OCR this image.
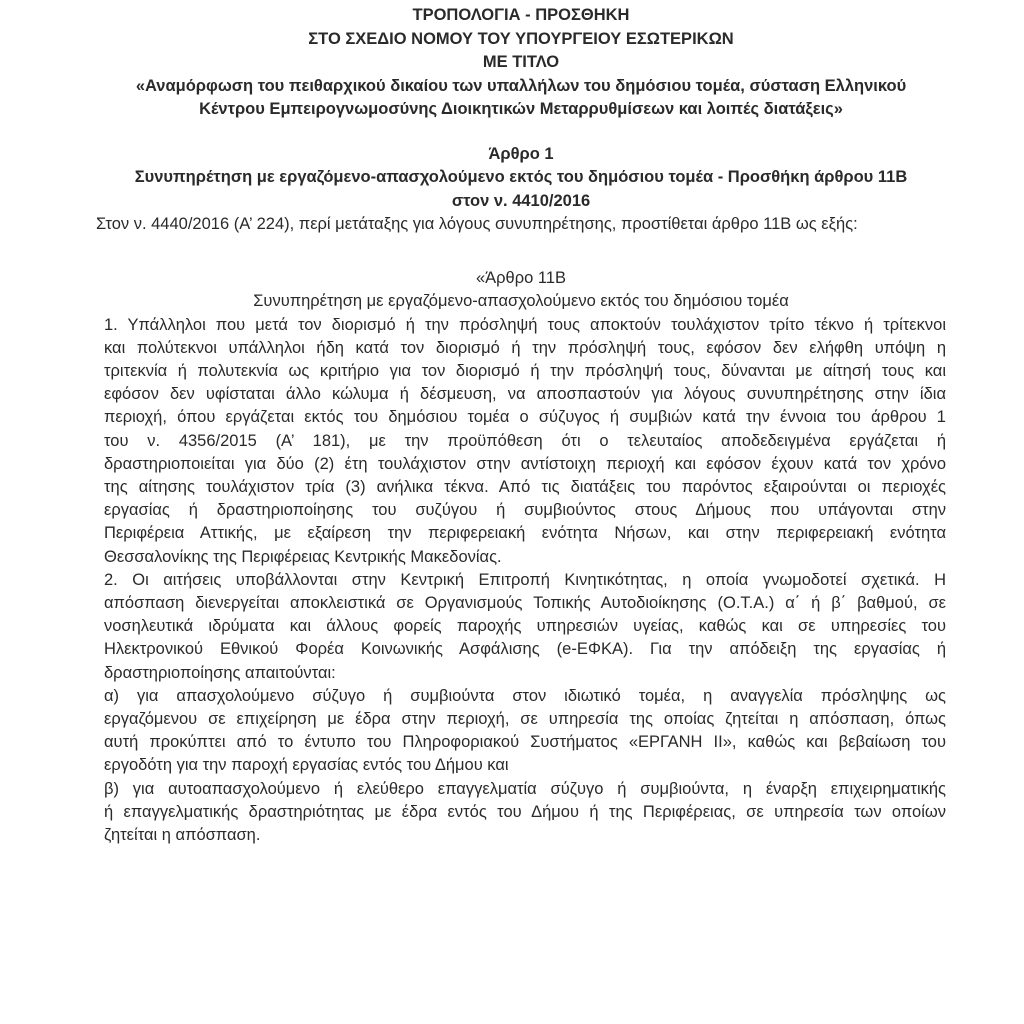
ΤΡΟΠΟΛΟΓΙΑ - ΠΡΟΣΘΗΚΗ

ΣΤΟ ΣΧΕΔΙΟ ΝΟΜΟΥ ΤΟΥ ΥΠΟΥΡΓΕΙΟΥ ΕΣΩΤΕΡΙΚΩΝ

ΜΕ ΤΙΤΛΟ

«Αναμόρφωση του πειθαρχικού δικαίου των υπαλλήλων του δημόσιου τομέα, σύσταση Ελληνικού

Κέντρου Εμπειρογνωμοσύνης Διοικητικών Μεταρρυθμίσεων και λοιπές διατάξεις»

Άρθρο 1

Συνυπηρέτηση με εργαζόμενο-απασχολούμενο εκτός του δημόσιου τομέα - Προσθήκη άρθρου 11Β

στον ν. 4410/2016

Στον ν. 4440/2016 (Α’ 224), περί μετάταξης για λόγους συνυπηρέτησης, προστίθεται άρθρο 11Β ως εξής:

«Άρθρο 11Β

Συνυπηρέτηση με εργαζόμενο-απασχολούμενο εκτός του δημόσιου τομέα

1. Υπάλληλοι που μετά τον διορισμό ή την πρόσληψή τους αποκτούν τουλάχιστον τρίτο τέκνο ή τρίτεκνοι
και πολύτεκνοι υπάλληλοι ήδη κατά τον διορισμό ή την πρόσληψή τους, εφόσον δεν ελήφθη υπόψη η
τριτεκνία ή πολυτεκνία ως κριτήριο για τον διορισμό ή την πρόσληψή τους, δύνανται με αίτησή τους και
εφόσον δεν υφίσταται άλλο κώλυμα ή δέσμευση, να αποσπαστούν για λόγους συνυπηρέτησης στην ίδια
περιοχή, όπου εργάζεται εκτός του δημόσιου τομέα ο σύζυγος ή συμβιών κατά την έννοια του άρθρου 1
του ν. 4356/2015 (Α’ 181), με την προϋπόθεση ότι ο τελευταίος αποδεδειγμένα εργάζεται ή
δραστηριοποιείται για δύο (2) έτη τουλάχιστον στην αντίστοιχη περιοχή και εφόσον έχουν κατά τον χρόνο
της αίτησης τουλάχιστον τρία (3) ανήλικα τέκνα. Από τις διατάξεις του παρόντος εξαιρούνται οι περιοχές
εργασίας ή δραστηριοποίησης του συζύγου ή συμβιούντος στους Δήμους που υπάγονται στην
Περιφέρεια Αττικής, με εξαίρεση την περιφερειακή ενότητα Νήσων, και στην περιφερειακή ενότητα
Θεσσαλονίκης της Περιφέρειας Κεντρικής Μακεδονίας.
2. Οι αιτήσεις υποβάλλονται στην Κεντρική Επιτροπή Κινητικότητας, η οποία γνωμοδοτεί σχετικά. Η
απόσπαση διενεργείται αποκλειστικά σε Οργανισμούς Τοπικής Αυτοδιοίκησης (Ο.Τ.Α.) α΄ ή β΄ βαθμού, σε
νοσηλευτικά ιδρύματα και άλλους φορείς παροχής υπηρεσιών υγείας, καθώς και σε υπηρεσίες του
Ηλεκτρονικού Εθνικού Φορέα Κοινωνικής Ασφάλισης (e-ΕΦΚΑ). Για την απόδειξη της εργασίας ή
δραστηριοποίησης απαιτούνται:
α) για απασχολούμενο σύζυγο ή συμβιούντα στον ιδιωτικό τομέα, η αναγγελία πρόσληψης ως
εργαζόμενου σε επιχείρηση με έδρα στην περιοχή, σε υπηρεσία της οποίας ζητείται η απόσπαση, όπως
αυτή προκύπτει από το έντυπο του Πληροφοριακού Συστήματος «ΕΡΓΑΝΗ ΙΙ», καθώς και βεβαίωση του
εργοδότη για την παροχή εργασίας εντός του Δήμου και
β) για αυτοαπασχολούμενο ή ελεύθερο επαγγελματία σύζυγο ή συμβιούντα, η έναρξη επιχειρηματικής
ή επαγγελματικής δραστηριότητας με έδρα εντός του Δήμου ή της Περιφέρειας, σε υπηρεσία των οποίων
ζητείται η απόσπαση.
